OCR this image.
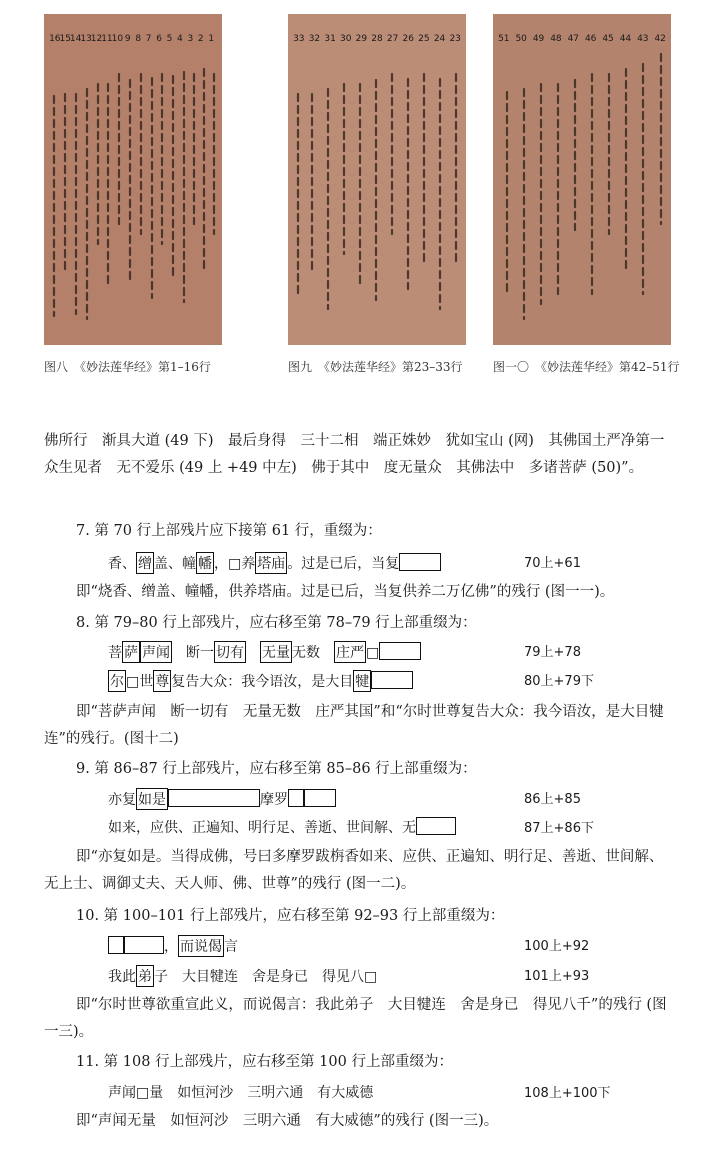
16
15
14
13
12
11
10 9 8 7 6 5 4 3 2 1
图八　《妙法莲华经》第1–16行
33 32 31 30 29 28 27 26 25 24 23
图九　《妙法莲华经》第23–33行
51 50 49 48 47 46 45 44 43 42
图一〇　《妙法莲华经》第42–51行
佛所行　渐具大道 (49 下)　最后身得　三十二相　端正姝妙　犹如宝山 (网)　其佛国土严净第一　众生见者　无不爱乐 (49 上 +49 中左)　佛于其中　度无量众　其佛法中　多诸菩萨 (50)”。
7. 第 70 行上部残片应下接第 61 行，重缀为：
香、 缯 盖、幢 幡 ，□养 塔庙 。过是已后，当复	70上+61
即“烧香、缯盖、幢幡，供养塔庙。过是已后，当复供养二万亿佛”的残行 (图一一)。
8. 第 79–80 行上部残片，应右移至第 78–79 行上部重缀为：
菩 萨 声闻　断一 切有　 无量 无数　庄严 □	79上+78
尔 □世 尊 复告大众：我今语汝，是大目 犍	80上+79下
即“菩萨声闻　断一切有　无量无数　庄严其国”和“尔时世尊复告大众：我今语汝，是大目犍连”的残行。(图十二)
9. 第 86–87 行上部残片，应右移至第 85–86 行上部重缀为：
亦复 如是	摩罗	86上+85
如来，应供、正遍知、明行足、善逝、世间解、无	87上+86下
即“亦复如是。当得成佛，号曰多摩罗跋栴香如来、应供、正遍知、明行足、善逝、世间解、无上士、调御丈夫、天人师、佛、世尊”的残行 (图一二)。
10. 第 100–101 行上部残片，应右移至第 92–93 行上部重缀为：
， 而说偈 言	100上+92
我此 弟 子　大目犍连　舍是身已　得见八□	101上+93
即“尔时世尊欲重宣此义，而说偈言：我此弟子　大目犍连　舍是身已　得见八千”的残行 (图一三)。
11. 第 108 行上部残片，应右移至第 100 行上部重缀为：
声闻□量　如恒河沙　三明六通　有大威德	108上+100下
即“声闻无量　如恒河沙　三明六通　有大威德”的残行 (图一三)。
